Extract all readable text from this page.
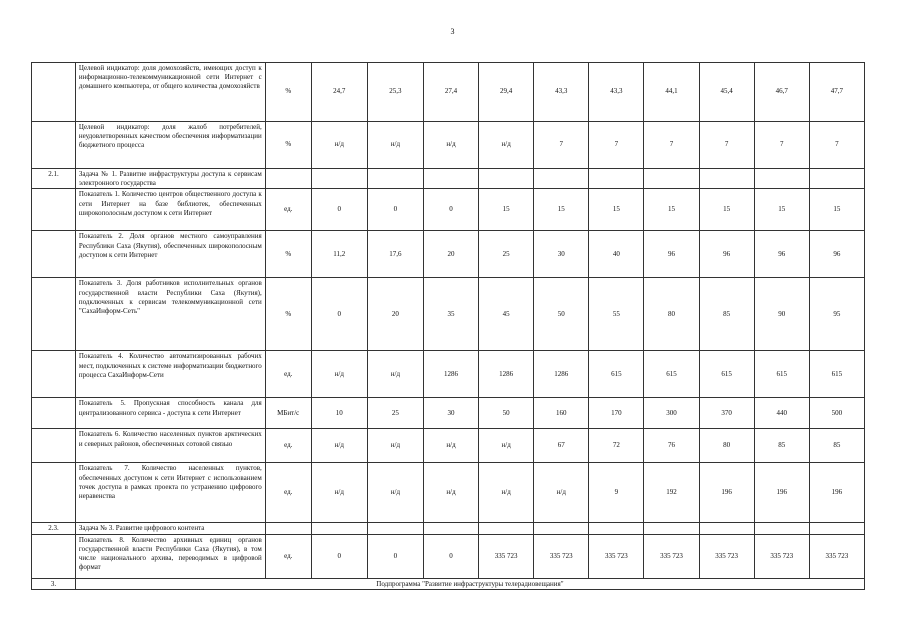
3
	Целевой индикатор: доля домохозяйств, имеющих доступ к информационно-телекоммуникационной сети Интернет с домашнего компьютера, от общего количества домохозяйств	%	24,7	25,3	27,4	29,4	43,3	43,3	44,1	45,4	46,7	47,7
	Целевой индикатор: доля жалоб потребителей, неудовлетворенных качеством обеспечения информатизации бюджетного процесса	%	н/д	н/д	н/д	н/д	7	7	7	7	7	7
2.1.	Задача № 1. Развитие инфраструктуры доступа к сервисам электронного государства											
	Показатель 1. Количество центров общественного доступа к сети Интернет на базе библиотек, обеспеченных широкополосным доступом к сети Интернет	ед.	0	0	0	15	15	15	15	15	15	15
	Показатель 2. Доля органов местного самоуправления Республики Саха (Якутия), обеспеченных широкополосным доступом к сети Интернет	%	11,2	17,6	20	25	30	40	96	96	96	96
	Показатель 3. Доля работников исполнительных органов государственной власти Республики Саха (Якутия), подключенных к сервисам телекоммуникационной сети "СахаИнформ-Сеть"	%	0	20	35	45	50	55	80	85	90	95
	Показатель 4. Количество автоматизированных рабочих мест, подключенных к системе информатизации бюджетного процесса СахаИнформ-Сети	ед.	н/д	н/д	1286	1286	1286	615	615	615	615	615
	Показатель 5. Пропускная способность канала для централизованного сервиса - доступа к сети Интернет	МБит/с	10	25	30	50	160	170	300	370	440	500
	Показатель 6. Количество населенных пунктов арктических и северных районов, обеспеченных сотовой связью	ед.	н/д	н/д	н/д	н/д	67	72	76	80	85	85
	Показатель 7. Количество населенных пунктов, обеспеченных доступом к сети Интернет с использованием точек доступа в рамках проекта по устранению цифрового неравенства	ед.	н/д	н/д	н/д	н/д	н/д	9	192	196	196	196
2.3.	Задача № 3. Развитие цифрового контента											
	Показатель 8. Количество архивных единиц органов государственной власти Республики Саха (Якутия), в том числе национального архива, переводимых в цифровой формат	ед.	0	0	0	335 723	335 723	335 723	335 723	335 723	335 723	335 723
3.	Подпрограмма "Развитие инфраструктуры телерадиовещания"											
